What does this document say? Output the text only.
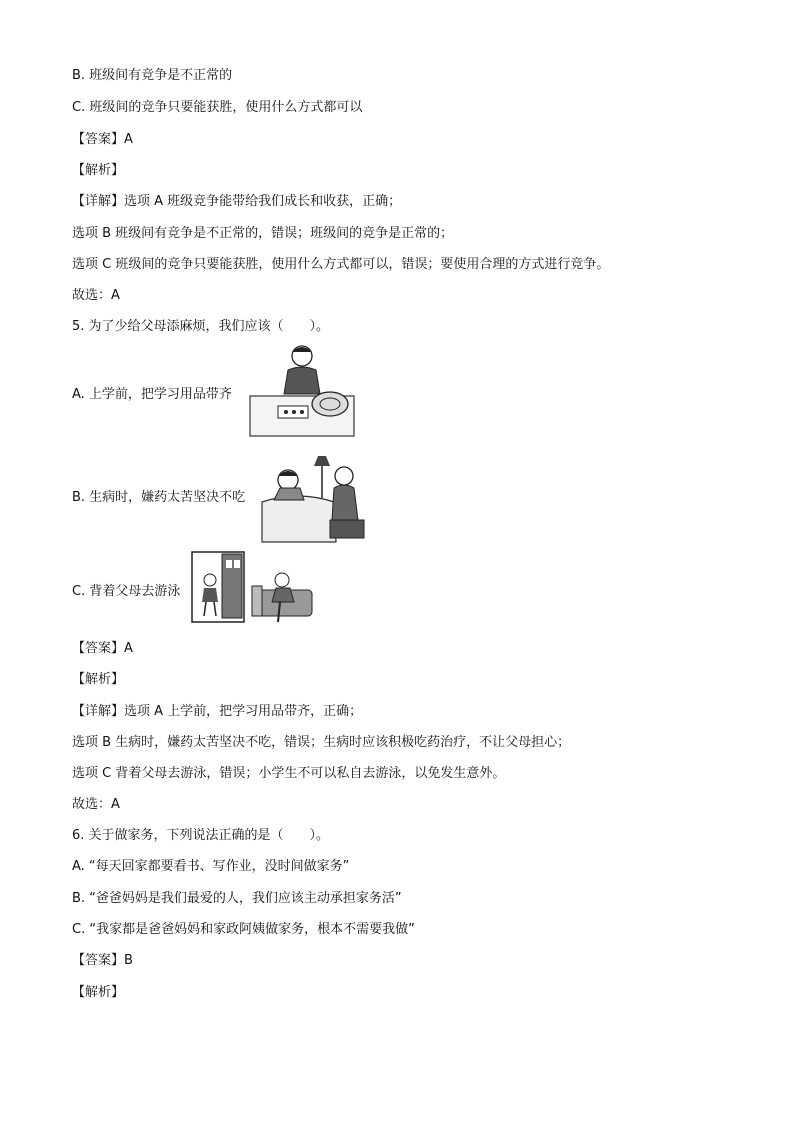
B. 班级间有竞争是不正常的
C. 班级间的竞争只要能获胜，使用什么方式都可以
【答案】A
【解析】
【详解】选项 A 班级竞争能带给我们成长和收获，正确；
选项 B 班级间有竞争是不正常的，错误；班级间的竞争是正常的；
选项 C 班级间的竞争只要能获胜，使用什么方式都可以，错误；要使用合理的方式进行竞争。
故选：A
5. 为了少给父母添麻烦，我们应该（　　）。
A. 上学前，把学习用品带齐
B. 生病时，嫌药太苦坚决不吃
C. 背着父母去游泳
【答案】A
【解析】
【详解】选项 A 上学前，把学习用品带齐，正确；
选项 B 生病时，嫌药太苦坚决不吃，错误；生病时应该积极吃药治疗，不让父母担心；
选项 C 背着父母去游泳，错误；小学生不可以私自去游泳，以免发生意外。
故选：A
6. 关于做家务，下列说法正确的是（　　）。
A. “每天回家都要看书、写作业，没时间做家务”
B. “爸爸妈妈是我们最爱的人，我们应该主动承担家务活”
C. “我家都是爸爸妈妈和家政阿姨做家务，根本不需要我做”
【答案】B
【解析】
